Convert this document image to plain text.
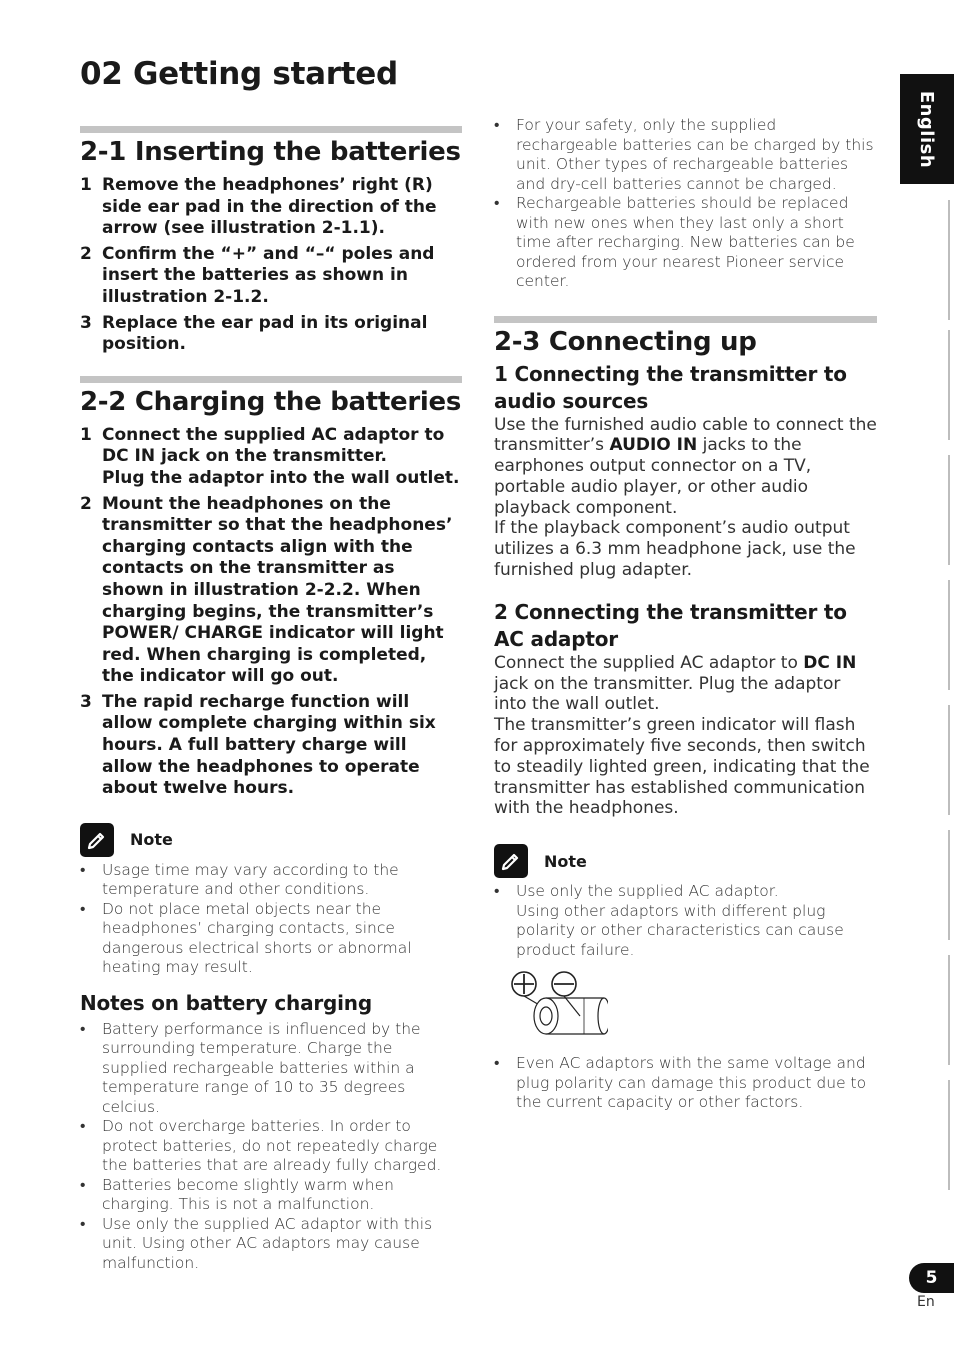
02 Getting started
English
2-1 Inserting the batteries
1 Remove the headphones’ right (R) side ear pad in the direction of the arrow (see illustration 2-1.1).
2 Confirm the “+” and “–“ poles and insert the batteries as shown in illustration 2-1.2.
3 Replace the ear pad in its original position.
2-2 Charging the batteries
1 Connect the supplied AC adaptor to DC IN jack on the transmitter.
Plug the adaptor into the wall outlet.
2 Mount the headphones on the transmitter so that the headphones’ charging contacts align with the contacts on the transmitter as shown in illustration 2-2.2. When charging begins, the transmitter’s POWER/ CHARGE indicator will light red. When charging is completed, the indicator will go out.
3 The rapid recharge function will allow complete charging within six hours. A full battery charge will allow the headphones to operate about twelve hours.
Note
•	Usage time may vary according to the temperature and other conditions.
•	Do not place metal objects near the headphones’ charging contacts, since dangerous electrical shorts or abnormal heating may result.
Notes on battery charging
•	Battery performance is influenced by the surrounding temperature. Charge the supplied rechargeable batteries within a temperature range of 10 to 35 degrees celcius.
•	Do not overcharge batteries. In order to protect batteries, do not repeatedly charge the batteries that are already fully charged.
•	Batteries become slightly warm when charging. This is not a malfunction.
•	Use only the supplied AC adaptor with this unit. Using other AC adaptors may cause malfunction.
•	For your safety, only the supplied rechargeable batteries can be charged by this unit. Other types of rechargeable batteries and dry-cell batteries cannot be charged.
•	Rechargeable batteries should be replaced with new ones when they last only a short time after recharging. New batteries can be ordered from your nearest Pioneer service center.
2-3 Connecting up
1 Connecting the transmitter to audio sources

Use the furnished audio cable to connect the transmitter’s AUDIO IN jacks to the earphones output connector on a TV, portable audio player, or other audio playback component.

If the playback component’s audio output utilizes a 6.3 mm headphone jack, use the furnished plug adapter.

2 Connecting the transmitter to AC adaptor

Connect the supplied AC adaptor to DC IN jack on the transmitter. Plug the adaptor into the wall outlet.

The transmitter’s green indicator will flash for approximately five seconds, then switch to steadily lighted green, indicating that the transmitter has established communication with the headphones.

Note
•	Use only the supplied AC adaptor.
Using other adaptors with different plug polarity or other characteristics can cause product failure.
•	Even AC adaptors with the same voltage and plug polarity can damage this product due to the current capacity or other factors.
5
En
